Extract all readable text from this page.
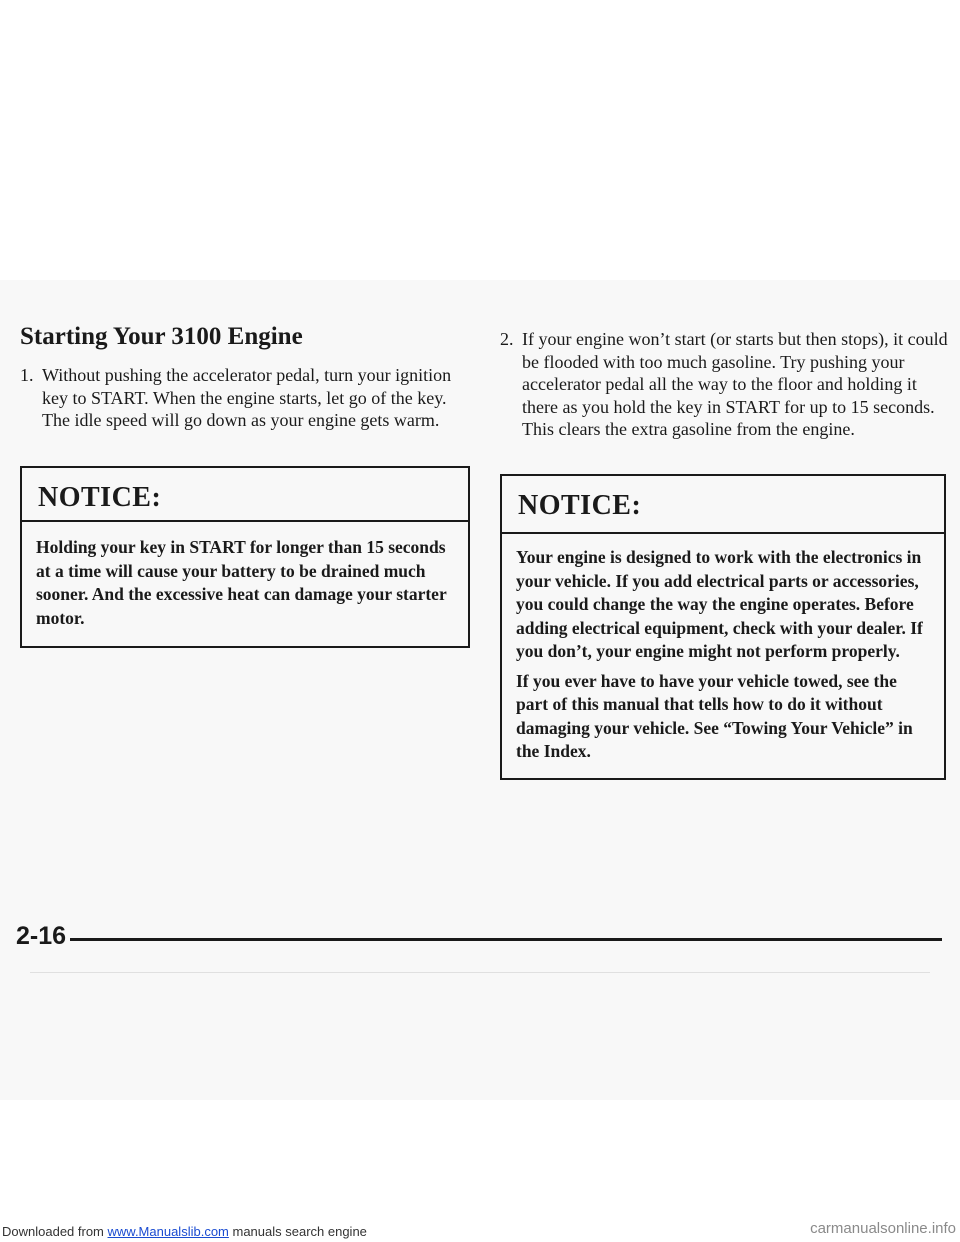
Starting Your 3100 Engine
1. Without pushing the accelerator pedal, turn your ignition key to START. When the engine starts, let go of the key. The idle speed will go down as your engine gets warm.
NOTICE:

Holding your key in START for longer than 15 seconds at a time will cause your battery to be drained much sooner. And the excessive heat can damage your starter motor.

2. If your engine won’t start (or starts but then stops), it could be flooded with too much gasoline. Try pushing your accelerator pedal all the way to the floor and holding it there as you hold the key in START for up to 15 seconds. This clears the extra gasoline from the engine.
NOTICE:

Your engine is designed to work with the electronics in your vehicle. If you add electrical parts or accessories, you could change the way the engine operates. Before adding electrical equipment, check with your dealer. If you don’t, your engine might not perform properly.

If you ever have to have your vehicle towed, see the part of this manual that tells how to do it without damaging your vehicle. See “Towing Your Vehicle” in the Index.

2-16
Downloaded from www.Manualslib.com manuals search engine	carmanualsonline.info
